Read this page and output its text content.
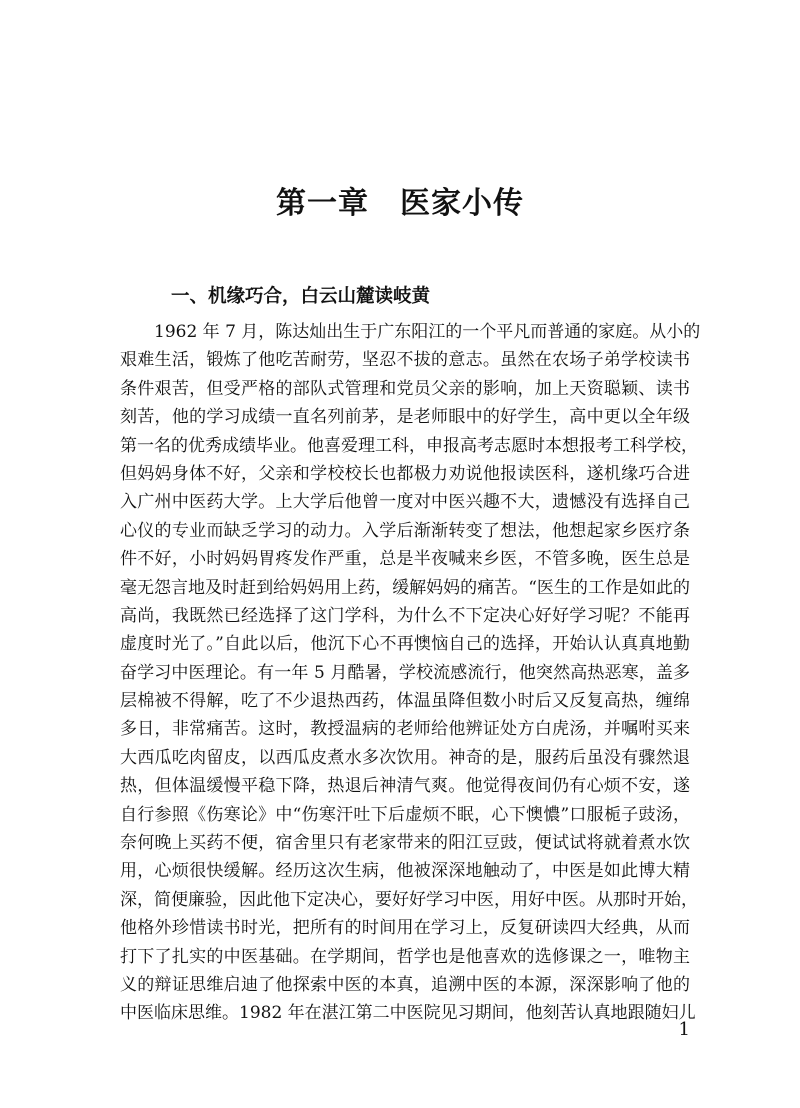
第一章　医家小传
一、机缘巧合，白云山麓读岐黄
1962 年 7 月，陈达灿出生于广东阳江的一个平凡而普通的家庭。从小的
艰难生活，锻炼了他吃苦耐劳，坚忍不拔的意志。虽然在农场子弟学校读书
条件艰苦，但受严格的部队式管理和党员父亲的影响，加上天资聪颖、读书
刻苦，他的学习成绩一直名列前茅，是老师眼中的好学生，高中更以全年级
第一名的优秀成绩毕业。他喜爱理工科，申报高考志愿时本想报考工科学校，
但妈妈身体不好，父亲和学校校长也都极力劝说他报读医科，遂机缘巧合进
入广州中医药大学。上大学后他曾一度对中医兴趣不大，遗憾没有选择自己
心仪的专业而缺乏学习的动力。入学后渐渐转变了想法，他想起家乡医疗条
件不好，小时妈妈胃疼发作严重，总是半夜喊来乡医，不管多晚，医生总是
毫无怨言地及时赶到给妈妈用上药，缓解妈妈的痛苦。“医生的工作是如此的
高尚，我既然已经选择了这门学科，为什么不下定决心好好学习呢？不能再
虚度时光了。”自此以后，他沉下心不再懊恼自己的选择，开始认认真真地勤
奋学习中医理论。有一年 5 月酷暑，学校流感流行，他突然高热恶寒，盖多
层棉被不得解，吃了不少退热西药，体温虽降但数小时后又反复高热，缠绵
多日，非常痛苦。这时，教授温病的老师给他辨证处方白虎汤，并嘱咐买来
大西瓜吃肉留皮，以西瓜皮煮水多次饮用。神奇的是，服药后虽没有骤然退
热，但体温缓慢平稳下降，热退后神清气爽。他觉得夜间仍有心烦不安，遂
自行参照《伤寒论》中“伤寒汗吐下后虚烦不眠，心下懊憹”口服栀子豉汤，
奈何晚上买药不便，宿舍里只有老家带来的阳江豆豉，便试试将就着煮水饮
用，心烦很快缓解。经历这次生病，他被深深地触动了，中医是如此博大精
深，简便廉验，因此他下定决心，要好好学习中医，用好中医。从那时开始，
他格外珍惜读书时光，把所有的时间用在学习上，反复研读四大经典，从而
打下了扎实的中医基础。在学期间，哲学也是他喜欢的选修课之一，唯物主
义的辩证思维启迪了他探索中医的本真，追溯中医的本源，深深影响了他的
中医临床思维。1982 年在湛江第二中医院见习期间，他刻苦认真地跟随妇儿
1
